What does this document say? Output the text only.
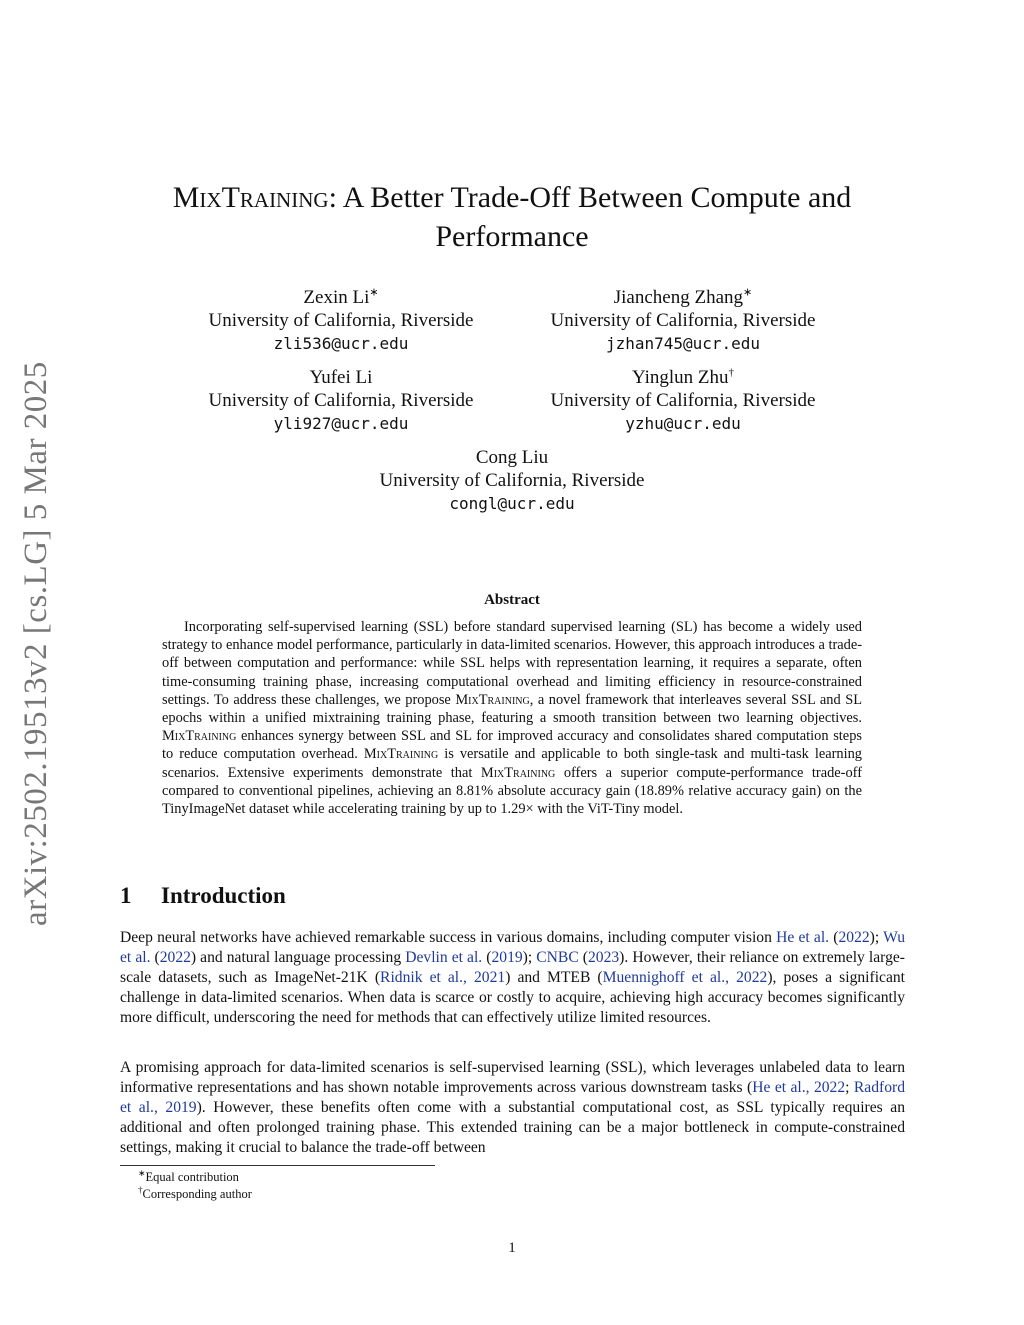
arXiv:2502.19513v2 [cs.LG] 5 Mar 2025
MixTraining: A Better Trade-Off Between Compute and Performance
Zexin Li∗
University of California, Riverside
zli536@ucr.edu
Jiancheng Zhang∗
University of California, Riverside
jzhan745@ucr.edu
Yufei Li
University of California, Riverside
yli927@ucr.edu
Yinglun Zhu†
University of California, Riverside
yzhu@ucr.edu
Cong Liu
University of California, Riverside
congl@ucr.edu
Abstract
Incorporating self-supervised learning (SSL) before standard supervised learning (SL) has become a widely used strategy to enhance model performance, particularly in data-limited scenarios. However, this approach introduces a trade-off between computation and performance: while SSL helps with representation learning, it requires a separate, often time-consuming training phase, increasing computational overhead and limiting efficiency in resource-constrained settings. To address these challenges, we propose MixTraining, a novel framework that interleaves several SSL and SL epochs within a unified mixtraining training phase, featuring a smooth transition between two learning objectives. MixTraining enhances synergy between SSL and SL for improved accuracy and consolidates shared computation steps to reduce computation overhead. MixTraining is versatile and applicable to both single-task and multi-task learning scenarios. Extensive experiments demonstrate that MixTraining offers a superior compute-performance trade-off compared to conventional pipelines, achieving an 8.81% absolute accuracy gain (18.89% relative accuracy gain) on the TinyImageNet dataset while accelerating training by up to 1.29× with the ViT-Tiny model.
1 Introduction
Deep neural networks have achieved remarkable success in various domains, including computer vision He et al. (2022); Wu et al. (2022) and natural language processing Devlin et al. (2019); CNBC (2023). However, their reliance on extremely large-scale datasets, such as ImageNet-21K (Ridnik et al., 2021) and MTEB (Muennighoff et al., 2022), poses a significant challenge in data-limited scenarios. When data is scarce or costly to acquire, achieving high accuracy becomes significantly more difficult, underscoring the need for methods that can effectively utilize limited resources.
A promising approach for data-limited scenarios is self-supervised learning (SSL), which leverages unlabeled data to learn informative representations and has shown notable improvements across various downstream tasks (He et al., 2022; Radford et al., 2019). However, these benefits often come with a substantial computational cost, as SSL typically requires an additional and often prolonged training phase. This extended training can be a major bottleneck in compute-constrained settings, making it crucial to balance the trade-off between
∗Equal contribution
†Corresponding author
1
